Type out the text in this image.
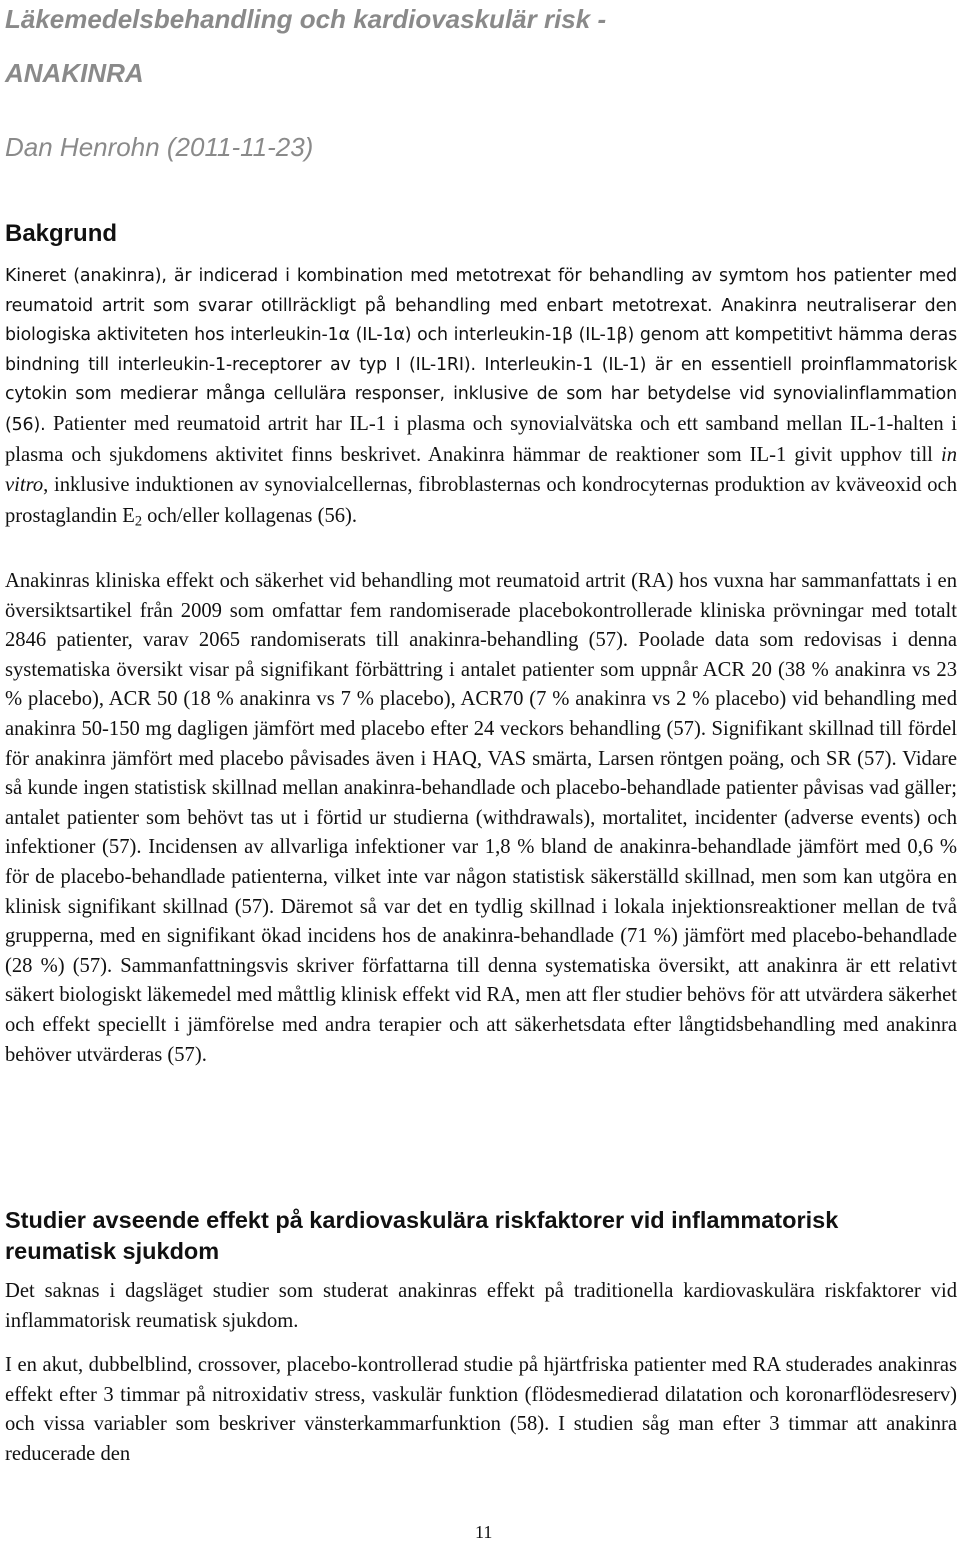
Läkemedelsbehandling och kardiovaskulär risk -
ANAKINRA
Dan Henrohn (2011-11-23)
Bakgrund

Kineret (anakinra), är indicerad i kombination med metotrexat för behandling av symtom hos patienter med reumatoid artrit som svarar otillräckligt på behandling med enbart metotrexat. Anakinra neutraliserar den biologiska aktiviteten hos interleukin-1α (IL-1α) och interleukin-1β (IL-1β) genom att kompetitivt hämma deras bindning till interleukin-1-receptorer av typ I (IL-1RI). Interleukin-1 (IL-1) är en essentiell proinflammatorisk cytokin som medierar många cellulära responser, inklusive de som har betydelse vid synovialinflammation (56). Patienter med reumatoid artrit har IL-1 i plasma och synovialvätska och ett samband mellan IL-1-halten i plasma och sjukdomens aktivitet finns beskrivet. Anakinra hämmar de reaktioner som IL-1 givit upphov till in vitro, inklusive induktionen av synovialcellernas, fibroblasternas och kondrocyternas produktion av kväveoxid och prostaglandin $E_2$ och/eller kollagenas (56).

Anakinras kliniska effekt och säkerhet vid behandling mot reumatoid artrit (RA) hos vuxna har sammanfattats i en översiktsartikel från 2009 som omfattar fem randomiserade placebokontrollerade kliniska prövningar med totalt 2846 patienter, varav 2065 randomiserats till anakinra-behandling (57). Poolade data som redovisas i denna systematiska översikt visar på signifikant förbättring i antalet patienter som uppnår ACR 20 (38 % anakinra vs 23 % placebo), ACR 50 (18 % anakinra vs 7 % placebo), ACR70 (7 % anakinra vs 2 % placebo) vid behandling med anakinra 50-150 mg dagligen jämfört med placebo efter 24 veckors behandling (57). Signifikant skillnad till fördel för anakinra jämfört med placebo påvisades även i HAQ, VAS smärta, Larsen röntgen poäng, och SR (57). Vidare så kunde ingen statistisk skillnad mellan anakinra-behandlade och placebo-behandlade patienter påvisas vad gäller; antalet patienter som behövt tas ut i förtid ur studierna (withdrawals), mortalitet, incidenter (adverse events) och infektioner (57). Incidensen av allvarliga infektioner var 1,8 % bland de anakinra-behandlade jämfört med 0,6 % för de placebo-behandlade patienterna, vilket inte var någon statistisk säkerställd skillnad, men som kan utgöra en klinisk signifikant skillnad (57). Däremot så var det en tydlig skillnad i lokala injektionsreaktioner mellan de två grupperna, med en signifikant ökad incidens hos de anakinra-behandlade (71 %) jämfört med placebo-behandlade (28 %) (57). Sammanfattningsvis skriver författarna till denna systematiska översikt, att anakinra är ett relativt säkert biologiskt läkemedel med måttlig klinisk effekt vid RA, men att fler studier behövs för att utvärdera säkerhet och effekt speciellt i jämförelse med andra terapier och att säkerhetsdata efter långtidsbehandling med anakinra behöver utvärderas (57).

Studier avseende effekt på kardiovaskulära riskfaktorer vid inflammatorisk reumatisk sjukdom

Det saknas i dagsläget studier som studerat anakinras effekt på traditionella kardiovaskulära riskfaktorer vid inflammatorisk reumatisk sjukdom.

I en akut, dubbelblind, crossover, placebo-kontrollerad studie på hjärtfriska patienter med RA studerades anakinras effekt efter 3 timmar på nitroxidativ stress, vaskulär funktion (flödesmedierad dilatation och koronarflödesreserv) och vissa variabler som beskriver vänsterkammarfunktion (58). I studien såg man efter 3 timmar att anakinra reducerade den

11
